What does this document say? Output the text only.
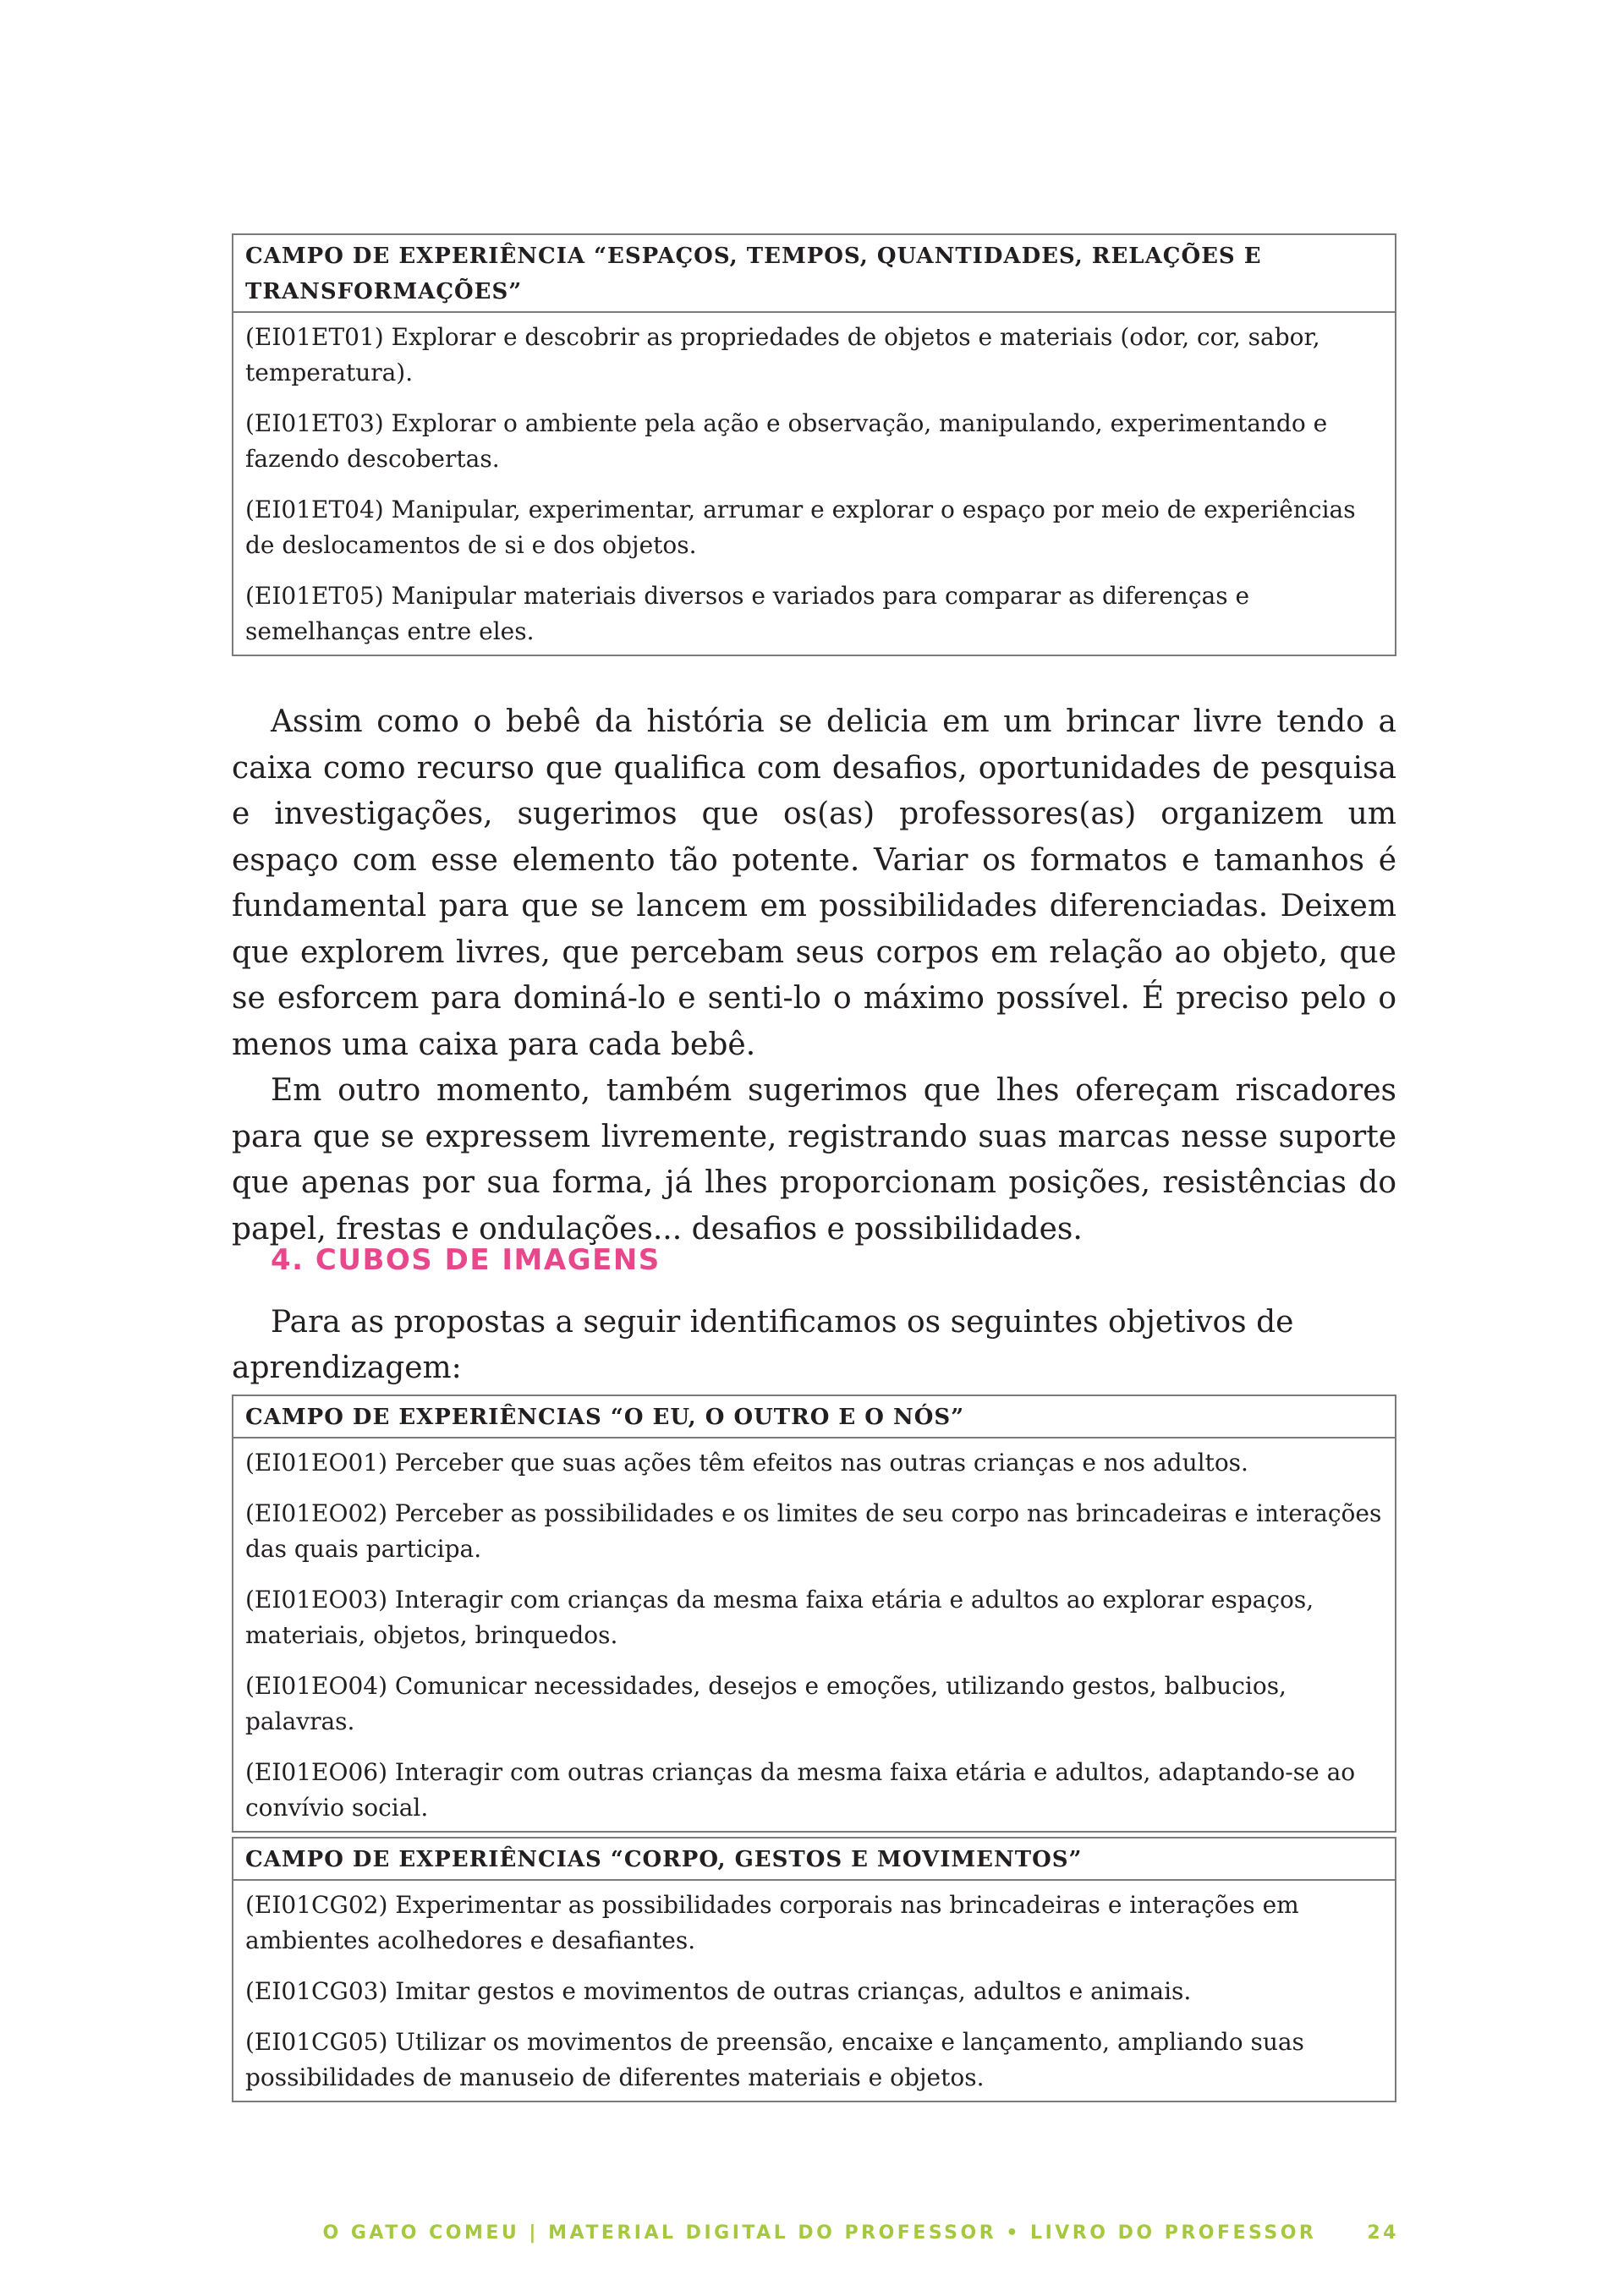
CAMPO DE EXPERIÊNCIA “ESPAÇOS, TEMPOS, QUANTIDADES, RELAÇÕES E TRANSFORMAÇÕES”
(EI01ET01) Explorar e descobrir as propriedades de objetos e materiais (odor, cor, sabor, temperatura).
(EI01ET03) Explorar o ambiente pela ação e observação, manipulando, experimentando e fazendo descobertas.
(EI01ET04) Manipular, experimentar, arrumar e explorar o espaço por meio de experiências de deslocamentos de si e dos objetos.
(EI01ET05) Manipular materiais diversos e variados para comparar as diferenças e semelhanças entre eles.

Assim como o bebê da história se delicia em um brincar livre tendo a caixa como recurso que qualifica com desafios, oportunidades de pesquisa e investigações, sugerimos que os(as) professores(as) organizem um espaço com esse elemento tão potente. Variar os formatos e tamanhos é fundamental para que se lancem em possibilidades diferenciadas. Deixem que explorem livres, que percebam seus corpos em relação ao objeto, que se esforcem para dominá-lo e senti-lo o máximo possível. É preciso pelo o menos uma caixa para cada bebê.

Em outro momento, também sugerimos que lhes ofereçam riscadores para que se expressem livremente, registrando suas marcas nesse suporte que apenas por sua forma, já lhes proporcionam posições, resistências do papel, frestas e ondulações... desafios e possibilidades.

4. CUBOS DE IMAGENS

Para as propostas a seguir identificamos os seguintes objetivos de aprendizagem:

CAMPO DE EXPERIÊNCIAS “O EU, O OUTRO E O NÓS”
(EI01EO01) Perceber que suas ações têm efeitos nas outras crianças e nos adultos.
(EI01EO02) Perceber as possibilidades e os limites de seu corpo nas brincadeiras e interações das quais participa.
(EI01EO03) Interagir com crianças da mesma faixa etária e adultos ao explorar espaços, materiais, objetos, brinquedos.
(EI01EO04) Comunicar necessidades, desejos e emoções, utilizando gestos, balbucios, palavras.
(EI01EO06) Interagir com outras crianças da mesma faixa etária e adultos, adaptando-se ao convívio social.
CAMPO DE EXPERIÊNCIAS “CORPO, GESTOS E MOVIMENTOS”
(EI01CG02) Experimentar as possibilidades corporais nas brincadeiras e interações em ambientes acolhedores e desafiantes.
(EI01CG03) Imitar gestos e movimentos de outras crianças, adultos e animais.
(EI01CG05) Utilizar os movimentos de preensão, encaixe e lançamento, ampliando suas possibilidades de manuseio de diferentes materiais e objetos.
O GATO COMEU | MATERIAL DIGITAL DO PROFESSOR • LIVRO DO PROFESSOR	24
